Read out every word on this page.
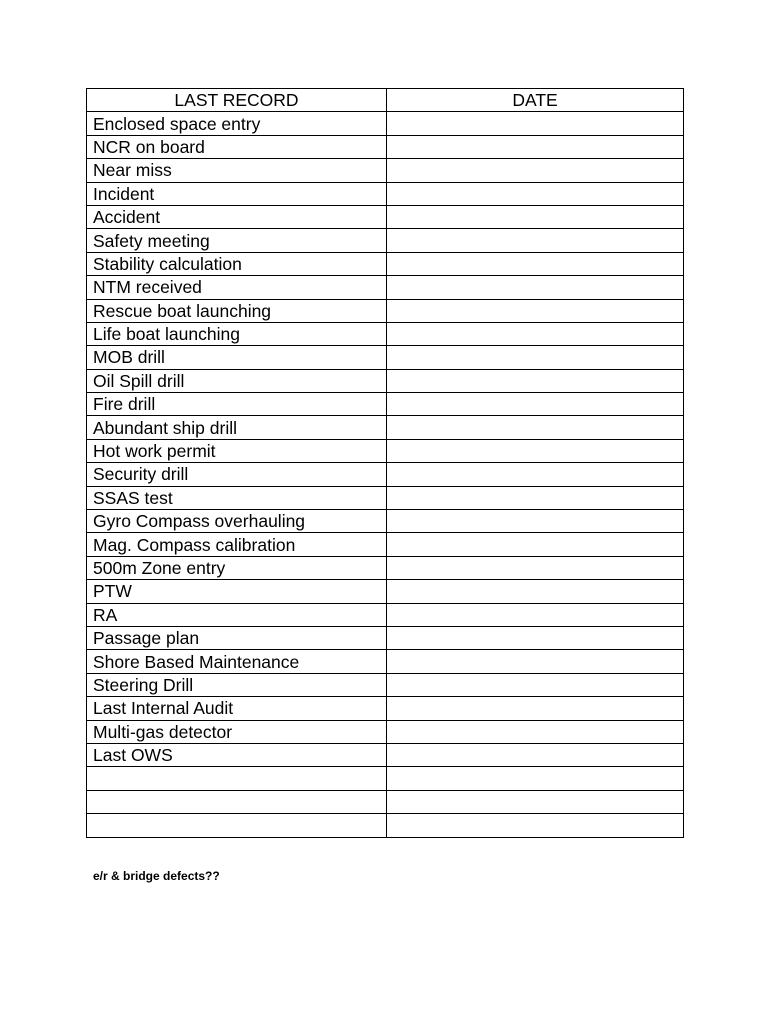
LAST RECORD	DATE
Enclosed space entry	
NCR on board	
Near miss	
Incident	
Accident	
Safety meeting	
Stability calculation	
NTM received	
Rescue boat launching	
Life boat launching	
MOB drill	
Oil Spill drill	
Fire drill	
Abundant ship drill	
Hot work permit	
Security drill	
SSAS test	
Gyro Compass overhauling	
Mag. Compass calibration	
500m Zone entry	
PTW	
RA	
Passage plan	
Shore Based Maintenance	
Steering Drill	
Last Internal Audit	
Multi-gas detector	
Last OWS	

e/r & bridge defects??
